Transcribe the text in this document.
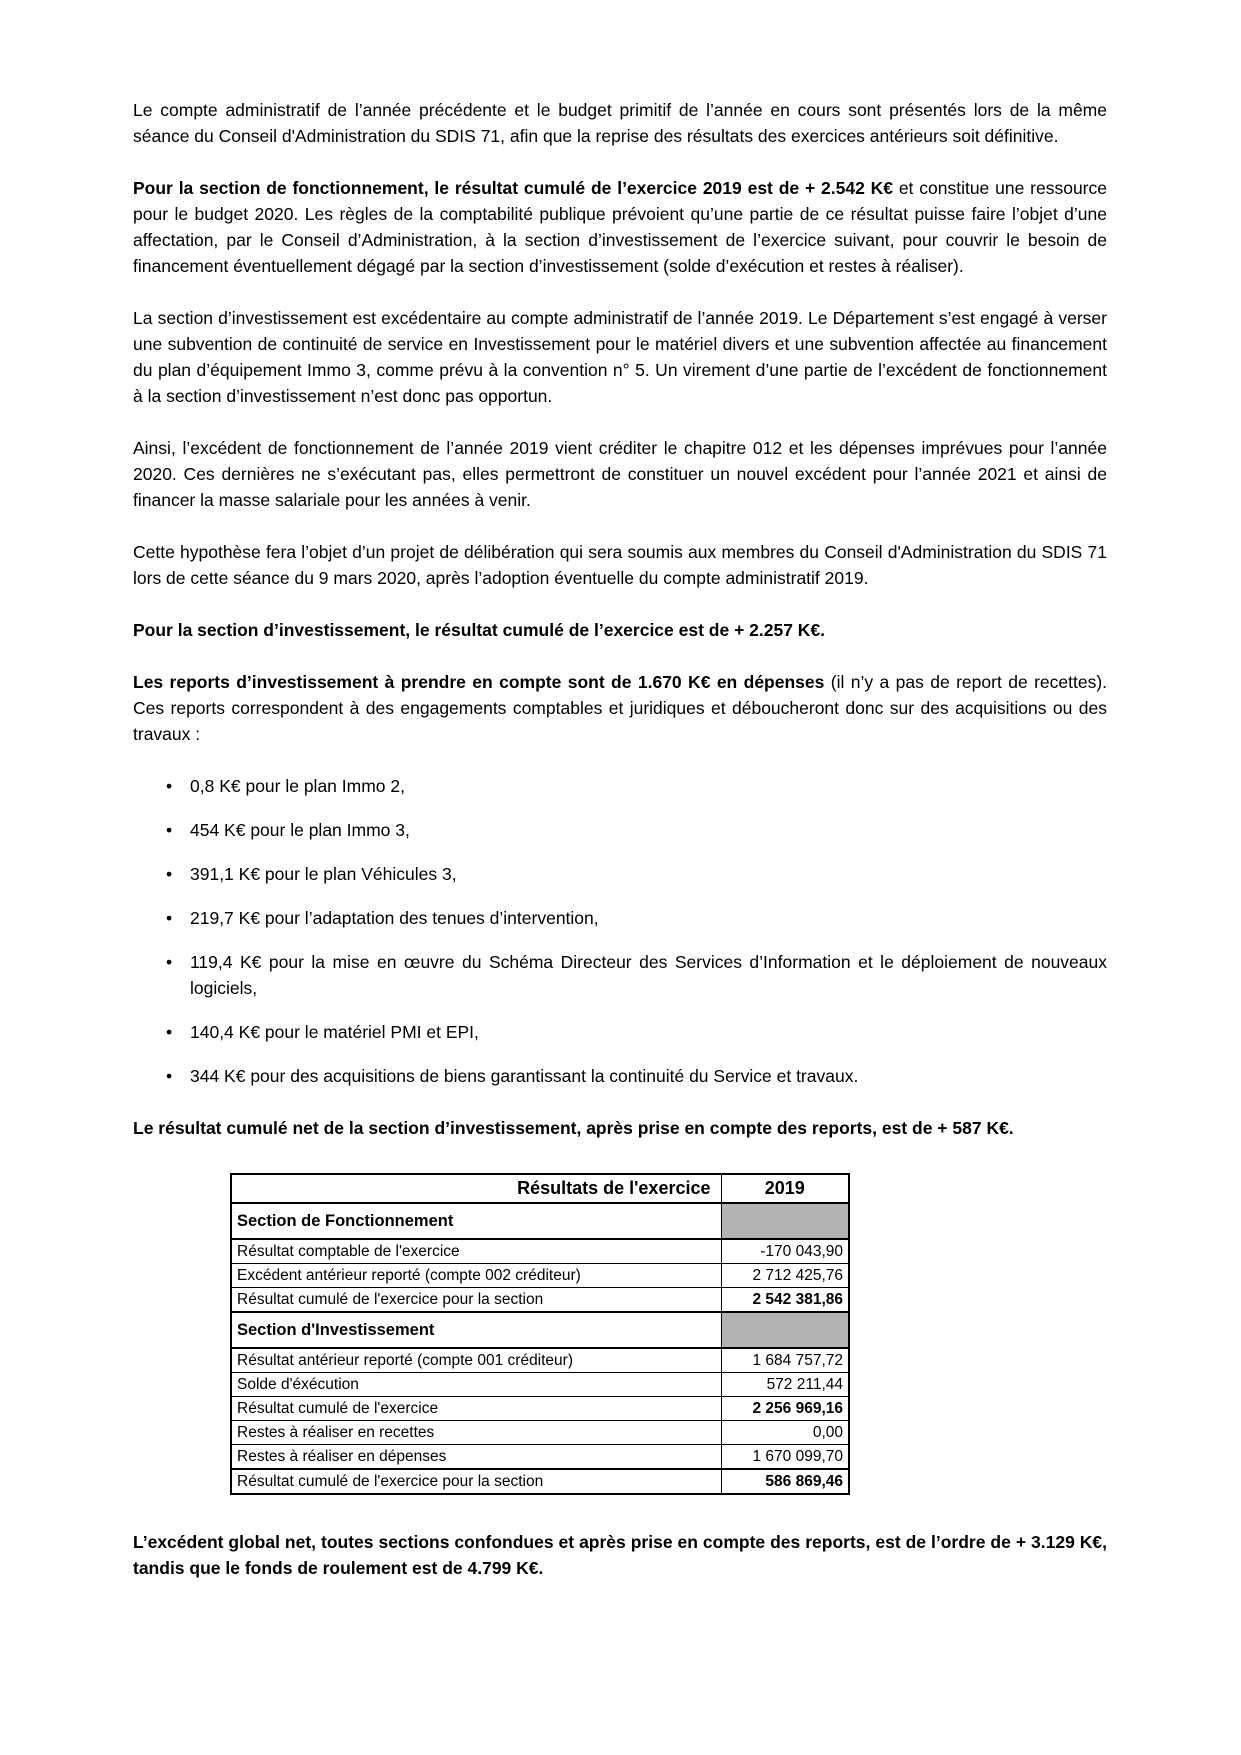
Le compte administratif de l’année précédente et le budget primitif de l’année en cours sont présentés lors de la même séance du Conseil d'Administration du SDIS 71, afin que la reprise des résultats des exercices antérieurs soit définitive.

Pour la section de fonctionnement, le résultat cumulé de l’exercice 2019 est de + 2.542 K€ et constitue une ressource pour le budget 2020. Les règles de la comptabilité publique prévoient qu’une partie de ce résultat puisse faire l’objet d’une affectation, par le Conseil d’Administration, à la section d’investissement de l’exercice suivant, pour couvrir le besoin de financement éventuellement dégagé par la section d’investissement (solde d’exécution et restes à réaliser).

La section d’investissement est excédentaire au compte administratif de l’année 2019. Le Département s’est engagé à verser une subvention de continuité de service en Investissement pour le matériel divers et une subvention affectée au financement du plan d’équipement Immo 3, comme prévu à la convention n° 5. Un virement d’une partie de l’excédent de fonctionnement à la section d’investissement n’est donc pas opportun.

Ainsi, l’excédent de fonctionnement de l’année 2019 vient créditer le chapitre 012 et les dépenses imprévues pour l’année 2020. Ces dernières ne s’exécutant pas, elles permettront de constituer un nouvel excédent pour l’année 2021 et ainsi de financer la masse salariale pour les années à venir.

Cette hypothèse fera l’objet d’un projet de délibération qui sera soumis aux membres du Conseil d'Administration du SDIS 71 lors de cette séance du 9 mars 2020, après l’adoption éventuelle du compte administratif 2019.

Pour la section d’investissement, le résultat cumulé de l’exercice est de + 2.257 K€.

Les reports d’investissement à prendre en compte sont de 1.670 K€ en dépenses (il n’y a pas de report de recettes). Ces reports correspondent à des engagements comptables et juridiques et déboucheront donc sur des acquisitions ou des travaux :

• 0,8 K€ pour le plan Immo 2,
• 454 K€ pour le plan Immo 3,
• 391,1 K€ pour le plan Véhicules 3,
• 219,7 K€ pour l’adaptation des tenues d’intervention,
• 119,4 K€ pour la mise en œuvre du Schéma Directeur des Services d’Information et le déploiement de nouveaux logiciels,
• 140,4 K€ pour le matériel PMI et EPI,
• 344 K€ pour des acquisitions de biens garantissant la continuité du Service et travaux.

Le résultat cumulé net de la section d’investissement, après prise en compte des reports, est de + 587 K€.

Résultats de l'exercice	2019
Section de Fonctionnement	
Résultat comptable de l'exercice	-170 043,90
Excédent antérieur reporté (compte 002 créditeur)	2 712 425,76
Résultat cumulé de l'exercice pour la section	2 542 381,86
Section d'Investissement	
Résultat antérieur reporté (compte 001 créditeur)	1 684 757,72
Solde d'éxécution	572 211,44
Résultat cumulé de l'exercice	2 256 969,16
Restes à réaliser en recettes	0,00
Restes à réaliser en dépenses	1 670 099,70
Résultat cumulé de l'exercice pour la section	586 869,46

L’excédent global net, toutes sections confondues et après prise en compte des reports, est de l’ordre de + 3.129 K€, tandis que le fonds de roulement est de 4.799 K€.
